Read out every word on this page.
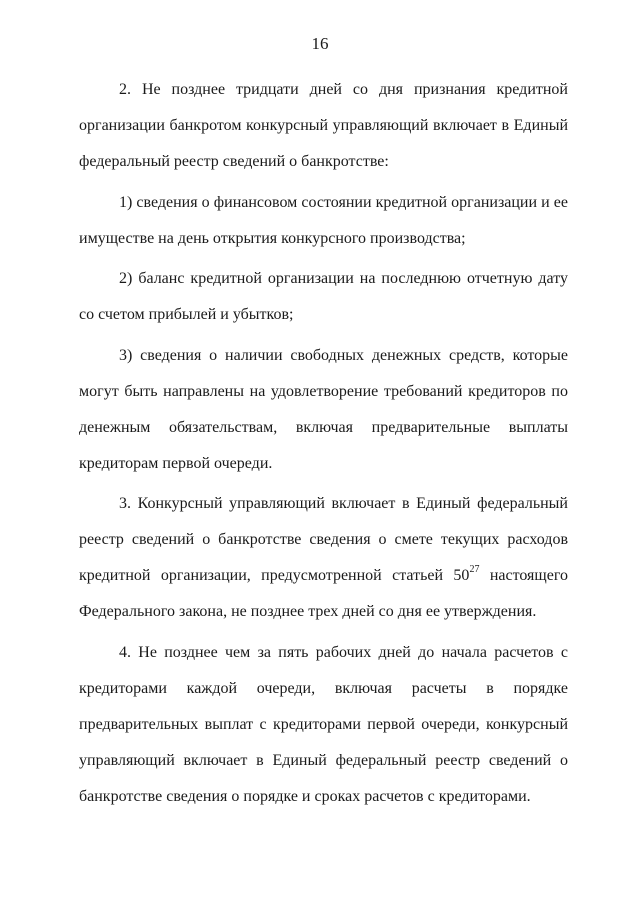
16

2. Не позднее тридцати дней со дня признания кредитной организации банкротом конкурсный управляющий включает в Единый федеральный реестр сведений о банкротстве:

1) сведения о финансовом состоянии кредитной организации и ее имуществе на день открытия конкурсного производства;

2) баланс кредитной организации на последнюю отчетную дату со счетом прибылей и убытков;

3) сведения о наличии свободных денежных средств, которые могут быть направлены на удовлетворение требований кредиторов по денежным обязательствам, включая предварительные выплаты кредиторам первой очереди.

3. Конкурсный управляющий включает в Единый федеральный реестр сведений о банкротстве сведения о смете текущих расходов кредитной организации, предусмотренной статьей 50$^{27}$ настоящего Федерального закона, не позднее трех дней со дня ее утверждения.

4. Не позднее чем за пять рабочих дней до начала расчетов с кредиторами каждой очереди, включая расчеты в порядке предварительных выплат с кредиторами первой очереди, конкурсный управляющий включает в Единый федеральный реестр сведений о банкротстве сведения о порядке и сроках расчетов с кредиторами.
